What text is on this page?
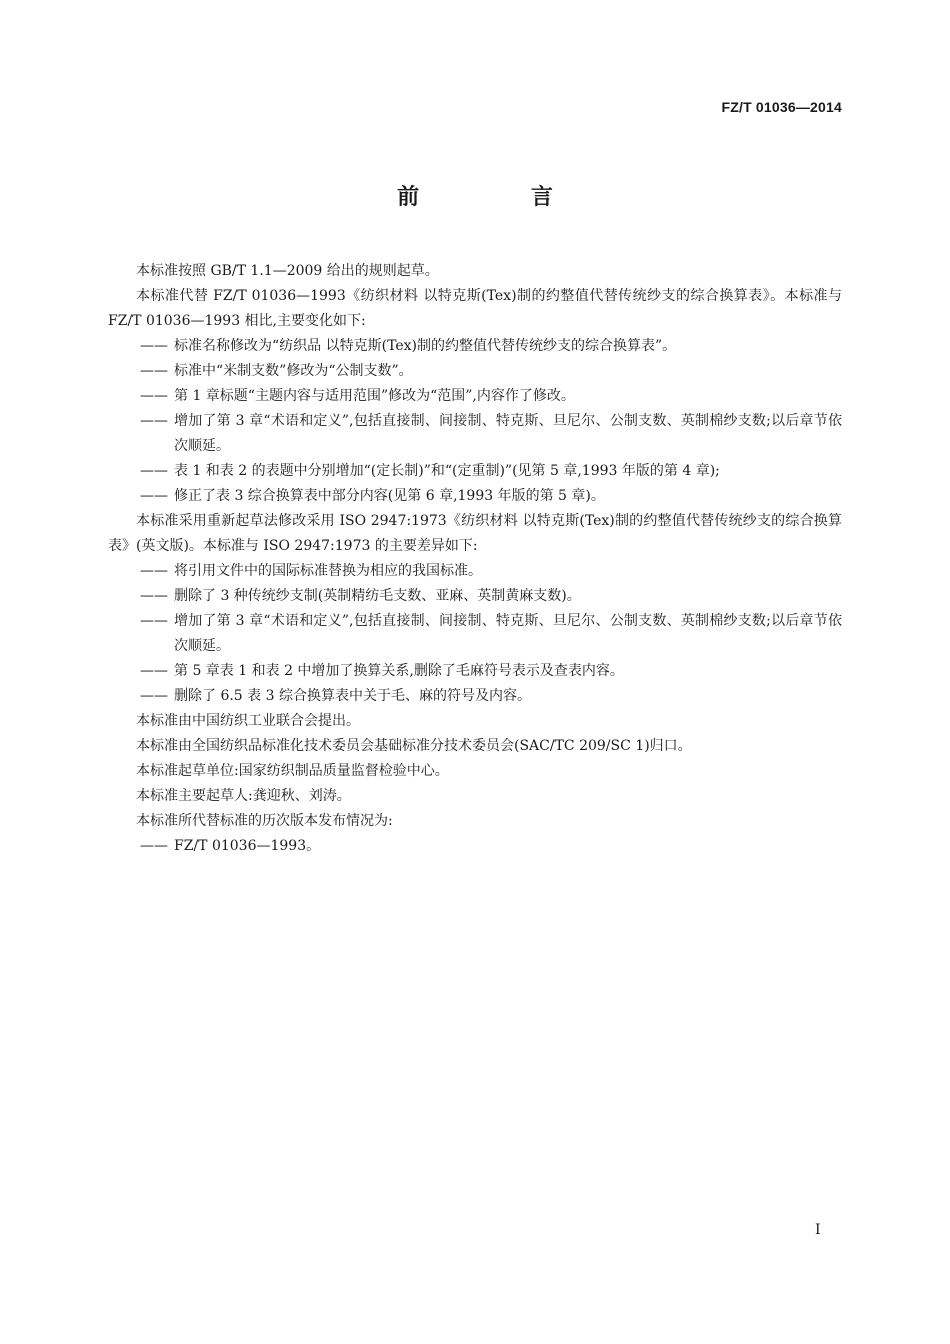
FZ/T 01036—2014
前 言

本标准按照 GB/T 1.1—2009 给出的规则起草。

本标准代替 FZ/T 01036—1993《纺织材料 以特克斯(Tex)制的约整值代替传统纱支的综合换算表》。本标准与 FZ/T 01036—1993 相比,主要变化如下:

—— 标准名称修改为“纺织品 以特克斯(Tex)制的约整值代替传统纱支的综合换算表”。
—— 标准中“米制支数”修改为“公制支数”。
—— 第 1 章标题“主题内容与适用范围”修改为“范围”,内容作了修改。
—— 增加了第 3 章“术语和定义”,包括直接制、间接制、特克斯、旦尼尔、公制支数、英制棉纱支数;以后章节依次顺延。
—— 表 1 和表 2 的表题中分别增加“(定长制)”和“(定重制)”(见第 5 章,1993 年版的第 4 章);
—— 修正了表 3 综合换算表中部分内容(见第 6 章,1993 年版的第 5 章)。

本标准采用重新起草法修改采用 ISO 2947:1973《纺织材料 以特克斯(Tex)制的约整值代替传统纱支的综合换算表》(英文版)。本标准与 ISO 2947:1973 的主要差异如下:

—— 将引用文件中的国际标准替换为相应的我国标准。
—— 删除了 3 种传统纱支制(英制精纺毛支数、亚麻、英制黄麻支数)。
—— 增加了第 3 章“术语和定义”,包括直接制、间接制、特克斯、旦尼尔、公制支数、英制棉纱支数;以后章节依次顺延。
—— 第 5 章表 1 和表 2 中增加了换算关系,删除了毛麻符号表示及查表内容。
—— 删除了 6.5 表 3 综合换算表中关于毛、麻的符号及内容。

本标准由中国纺织工业联合会提出。

本标准由全国纺织品标准化技术委员会基础标准分技术委员会(SAC/TC 209/SC 1)归口。

本标准起草单位:国家纺织制品质量监督检验中心。

本标准主要起草人:龚迎秋、刘涛。

本标准所代替标准的历次版本发布情况为:

—— FZ/T 01036—1993。
I
